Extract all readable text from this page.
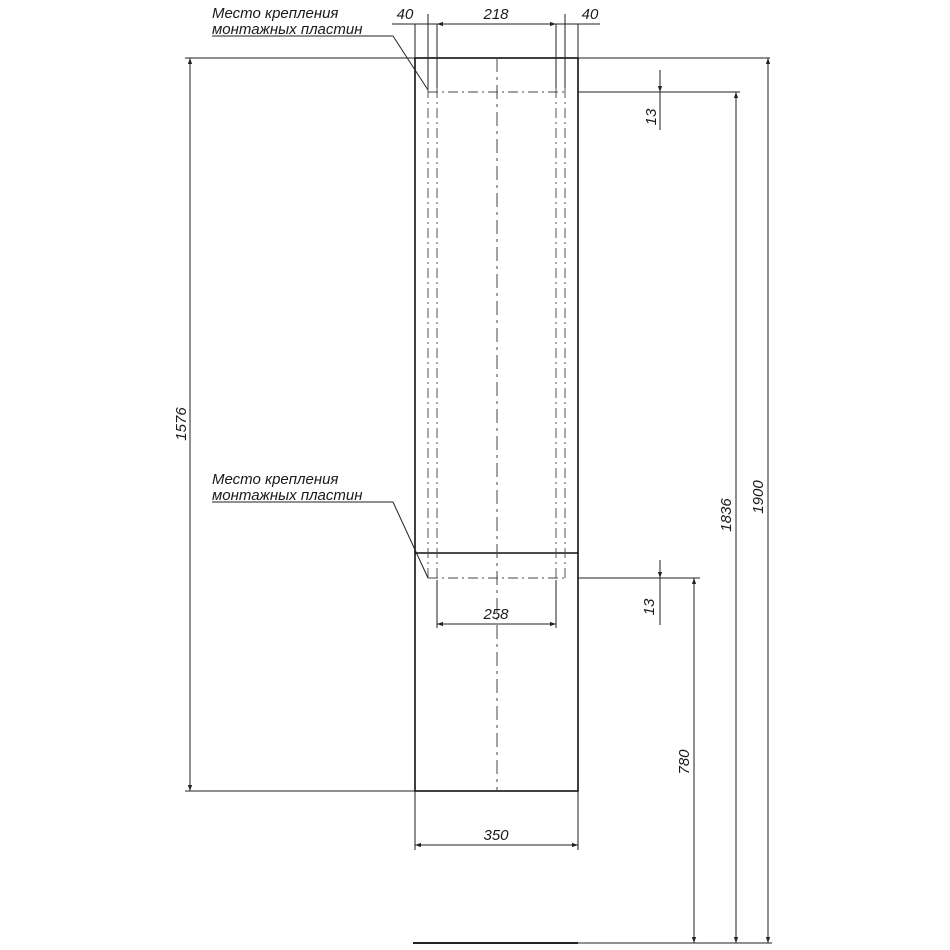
40	218	40
Место крепления
монтажных пластин
13
1576
Место крепления
монтажных пластин
13
258
350
780
1836
1900
